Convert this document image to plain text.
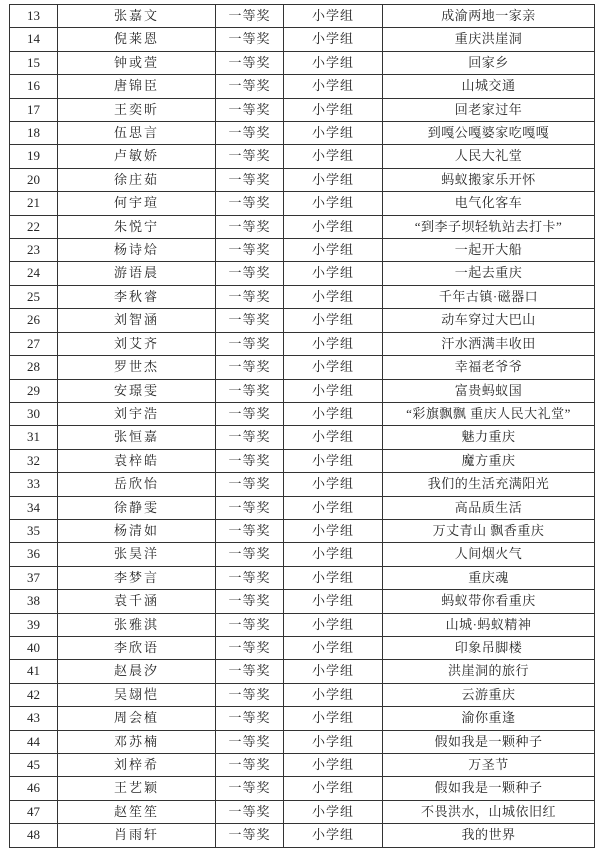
13	张嘉文	一等奖	小学组	成渝两地一家亲
14	倪莱恩	一等奖	小学组	重庆洪崖洞
15	钟或萱	一等奖	小学组	回家乡
16	唐锦臣	一等奖	小学组	山城交通
17	王奕昕	一等奖	小学组	回老家过年
18	伍思言	一等奖	小学组	到嘎公嘎婆家吃嘎嘎
19	卢敏娇	一等奖	小学组	人民大礼堂
20	徐庄茹	一等奖	小学组	蚂蚁搬家乐开怀
21	何宇瑄	一等奖	小学组	电气化客车
22	朱悦宁	一等奖	小学组	“到李子坝轻轨站去打卡”
23	杨诗烚	一等奖	小学组	一起开大船
24	游语晨	一等奖	小学组	一起去重庆
25	李秋睿	一等奖	小学组	千年古镇·磁器口
26	刘智涵	一等奖	小学组	动车穿过大巴山
27	刘艾齐	一等奖	小学组	汗水洒满丰收田
28	罗世杰	一等奖	小学组	幸福老爷爷
29	安璟雯	一等奖	小学组	富贵蚂蚁国
30	刘宇浩	一等奖	小学组	“彩旗飘飘 重庆人民大礼堂”
31	张恒嘉	一等奖	小学组	魅力重庆
32	袁梓皓	一等奖	小学组	魔方重庆
33	岳欣怡	一等奖	小学组	我们的生活充满阳光
34	徐静雯	一等奖	小学组	高品质生活
35	杨清如	一等奖	小学组	万丈青山 飘香重庆
36	张昊洋	一等奖	小学组	人间烟火气
37	李梦言	一等奖	小学组	重庆魂
38	袁千涵	一等奖	小学组	蚂蚁带你看重庆
39	张雅淇	一等奖	小学组	山城·蚂蚁精神
40	李欣语	一等奖	小学组	印象吊脚楼
41	赵晨汐	一等奖	小学组	洪崖洞的旅行
42	吴翃恺	一等奖	小学组	云游重庆
43	周会植	一等奖	小学组	渝你重逢
44	邓苏楠	一等奖	小学组	假如我是一颗种子
45	刘梓希	一等奖	小学组	万圣节
46	王艺颖	一等奖	小学组	假如我是一颗种子
47	赵笙笙	一等奖	小学组	不畏洪水，山城依旧红
48	肖雨轩	一等奖	小学组	我的世界
